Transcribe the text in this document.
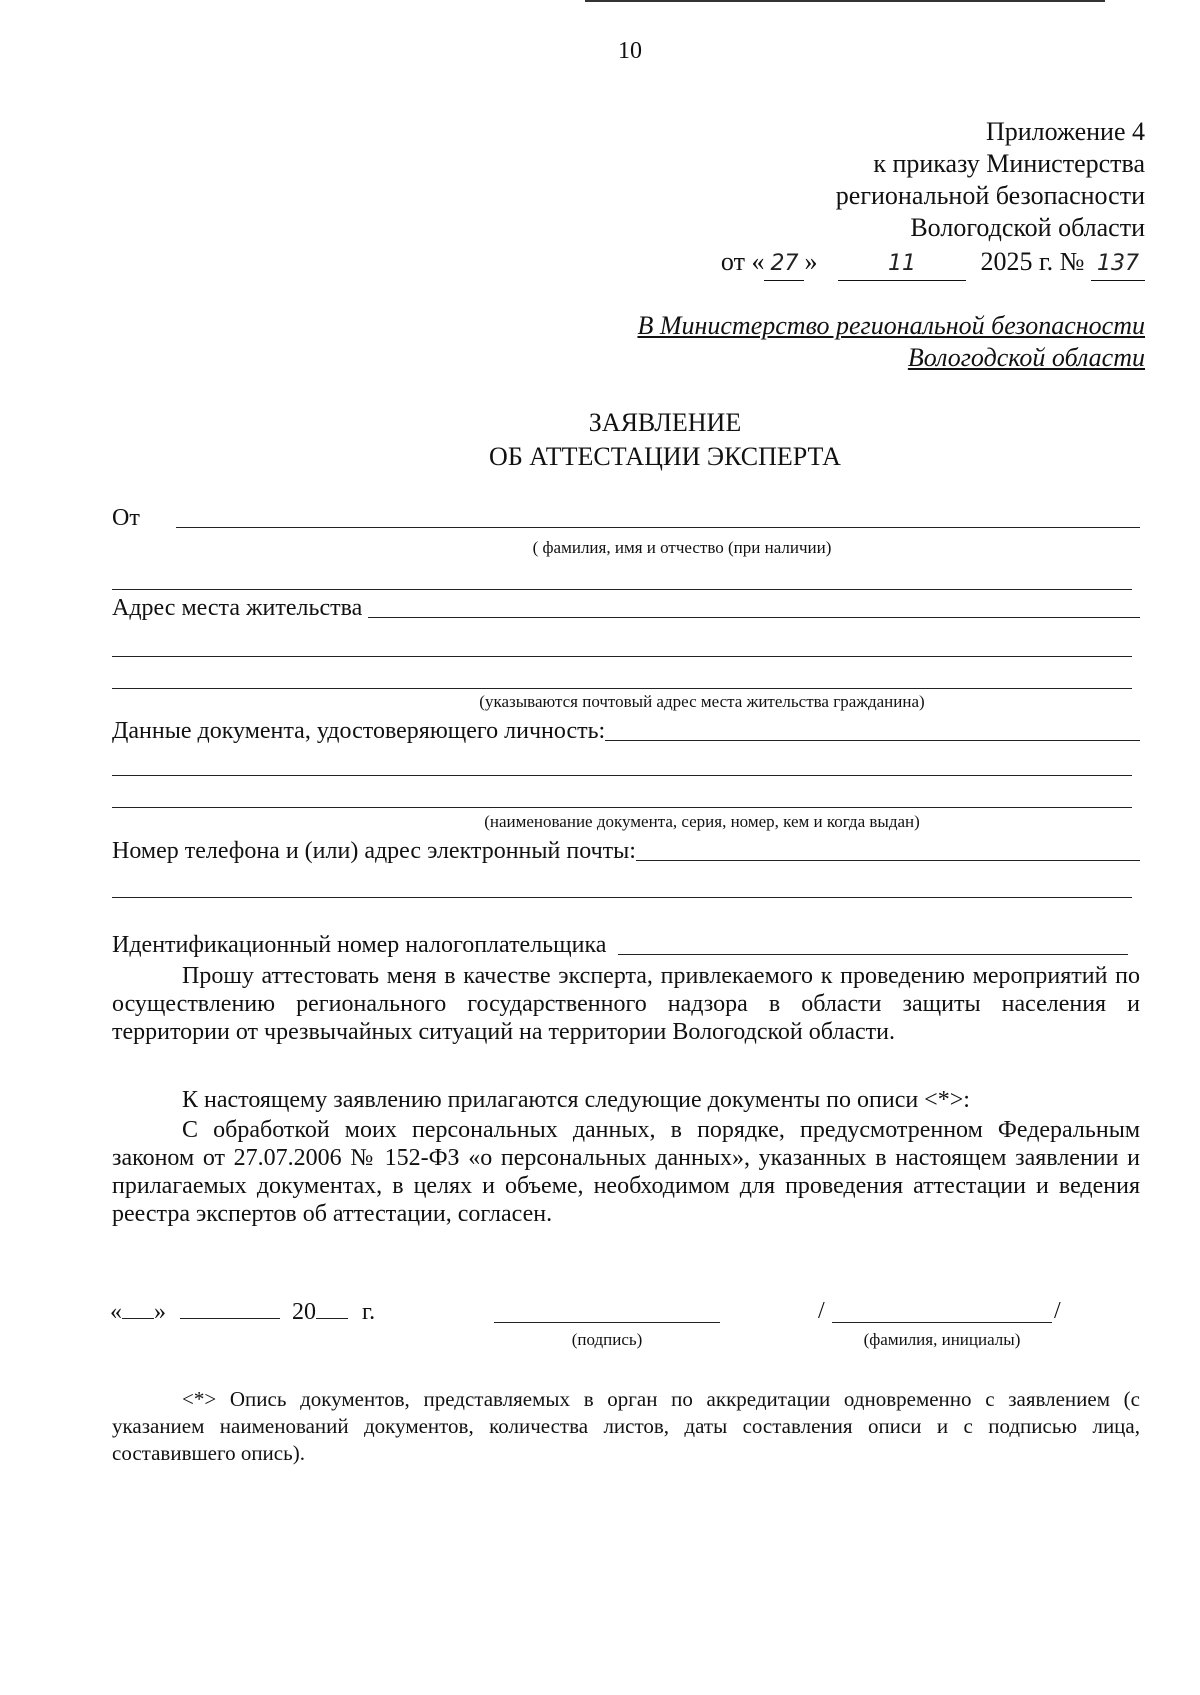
10
Приложение 4
к приказу Министерства
региональной безопасности
Вологодской области
от « 27 »	11 2025 г. № 137
В Министерство региональной безопасности
Вологодской области
ЗАЯВЛЕНИЕ
ОБ АТТЕСТАЦИИ ЭКСПЕРТА
От
( фамилия, имя и отчество (при наличии)
Адрес места жительства
(указываются почтовый адрес места жительства гражданина)
Данные документа, удостоверяющего личность:
(наименование документа, серия, номер, кем и когда выдан)
Номер телефона и (или) адрес электронный почты:
Идентификационный номер налогоплательщика

Прошу аттестовать меня в качестве эксперта, привлекаемого к проведению мероприятий по осуществлению регионального государственного надзора в области защиты населения и территории от чрезвычайных ситуаций на территории Вологодской области.

К настоящему заявлению прилагаются следующие документы по описи <*>:

С обработкой моих персональных данных, в порядке, предусмотренном Федеральным законом от 27.07.2006 № 152-ФЗ «о персональных данных», указанных в настоящем заявлении и прилагаемых документах, в целях и объеме, необходимом для проведения аттестации и ведения реестра экспертов об аттестации, согласен.

« »	20 г.
(подпись)
/	/
(фамилия, инициалы)

<*> Опись документов, представляемых в орган по аккредитации одновременно с заявлением (с указанием наименований документов, количества листов, даты составления описи и с подписью лица, составившего опись).
